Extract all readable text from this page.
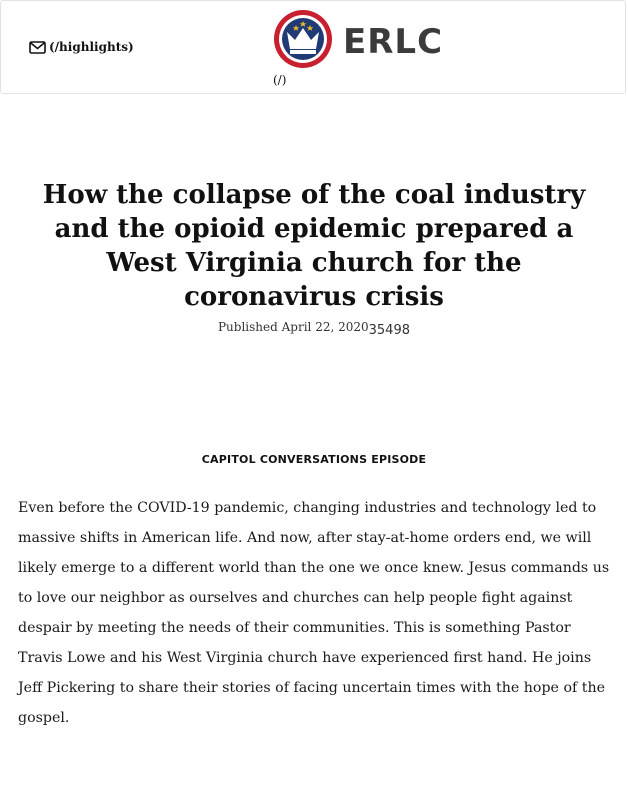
(/highlights)	ERLC
(/)
How the collapse of the coal industry and the opioid epidemic prepared a West Virginia church for the coronavirus crisis
Published April 22, 202035498
CAPITOL CONVERSATIONS EPISODE

Even before the COVID-19 pandemic, changing industries and technology led to massive shifts in American life. And now, after stay-at-home orders end, we will likely emerge to a different world than the one we once knew. Jesus commands us to love our neighbor as ourselves and churches can help people fight against despair by meeting the needs of their communities. This is something Pastor Travis Lowe and his West Virginia church have experienced first hand. He joins Jeff Pickering to share their stories of facing uncertain times with the hope of the gospel.
